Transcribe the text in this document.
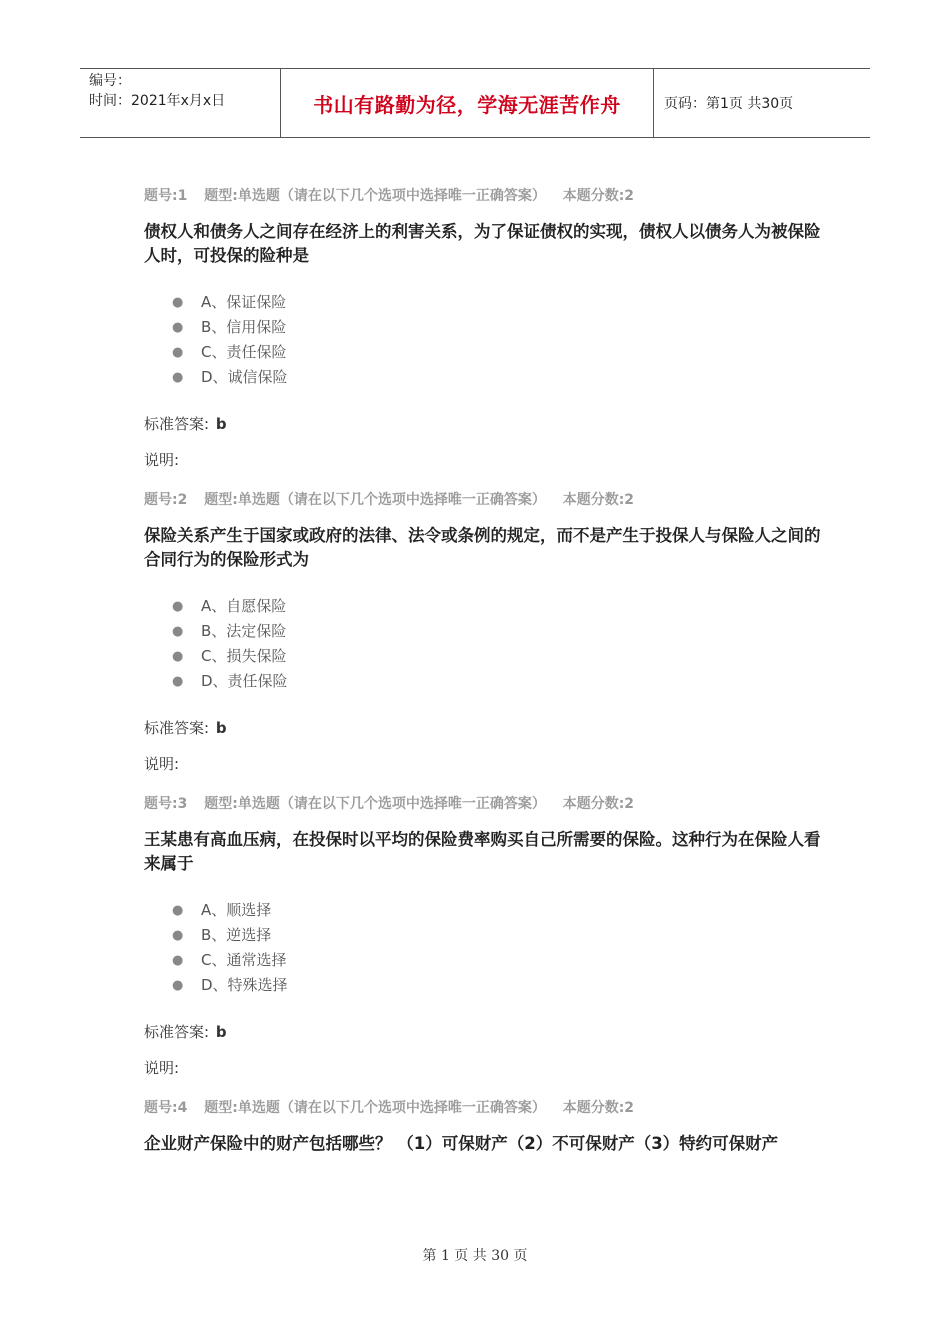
编号：
时间：2021年x月x日	书山有路勤为径，学海无涯苦作舟	页码：第1页 共30页
题号:1 题型:单选题（请在以下几个选项中选择唯一正确答案） 本题分数:2
债权人和债务人之间存在经济上的利害关系，为了保证债权的实现，债权人以债务人为被保险人时，可投保的险种是
● A、保证保险
● B、信用保险
● C、责任保险
● D、诚信保险
标准答案: b
说明:
题号:2 题型:单选题（请在以下几个选项中选择唯一正确答案） 本题分数:2
保险关系产生于国家或政府的法律、法令或条例的规定，而不是产生于投保人与保险人之间的合同行为的保险形式为
● A、自愿保险
● B、法定保险
● C、损失保险
● D、责任保险
标准答案: b
说明:
题号:3 题型:单选题（请在以下几个选项中选择唯一正确答案） 本题分数:2
王某患有高血压病，在投保时以平均的保险费率购买自己所需要的保险。这种行为在保险人看来属于
● A、顺选择
● B、逆选择
● C、通常选择
● D、特殊选择
标准答案: b
说明:
题号:4 题型:单选题（请在以下几个选项中选择唯一正确答案） 本题分数:2
企业财产保险中的财产包括哪些？ （1）可保财产（2）不可保财产（3）特约可保财产
第 1 页 共 30 页
